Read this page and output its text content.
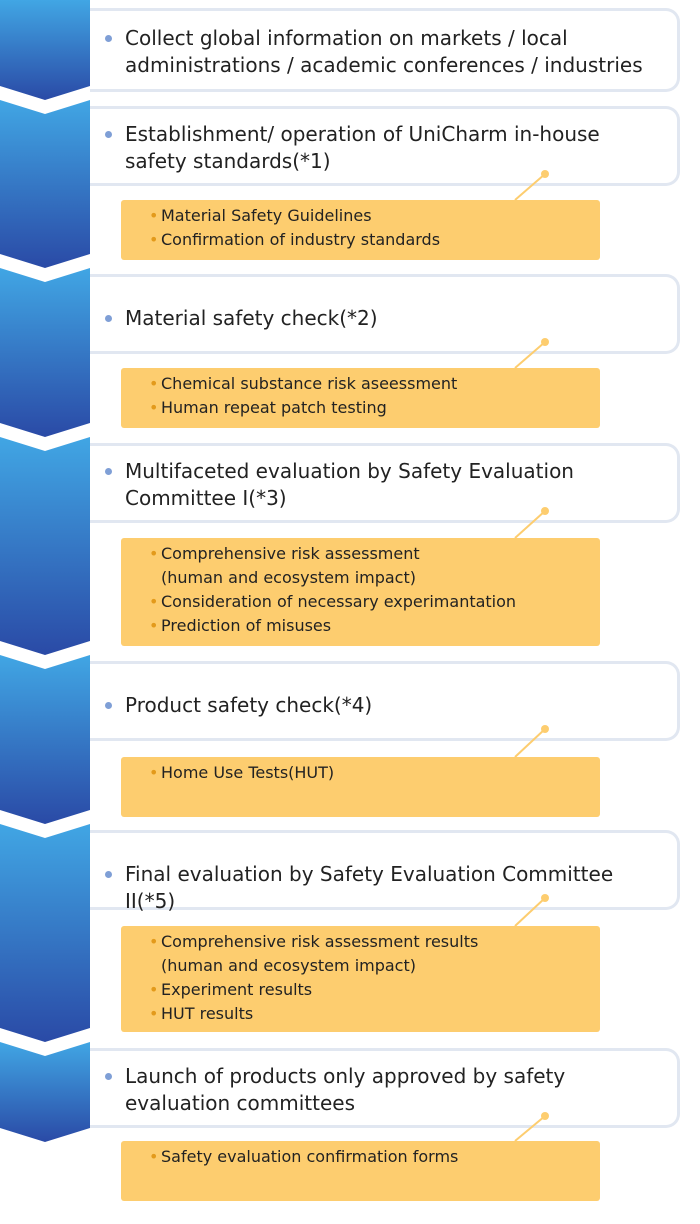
Collect global information on markets / local
administrations / academic conferences / industries
Establishment/ operation of UniCharm in-house
safety standards(*1)
• Material Safety Guidelines
• Confirmation of industry standards
Material safety check(*2)
• Chemical substance risk aseessment
• Human repeat patch testing
Multifaceted evaluation by Safety Evaluation
Committee I(*3)
• Comprehensive risk assessment
(human and ecosystem impact)
• Consideration of necessary experimantation
• Prediction of misuses
Product safety check(*4)
• Home Use Tests(HUT)
Final evaluation by Safety Evaluation Committee II(*5)
• Comprehensive risk assessment results
(human and ecosystem impact)
• Experiment results
• HUT results
Launch of products only approved by safety
evaluation committees
• Safety evaluation confirmation forms
